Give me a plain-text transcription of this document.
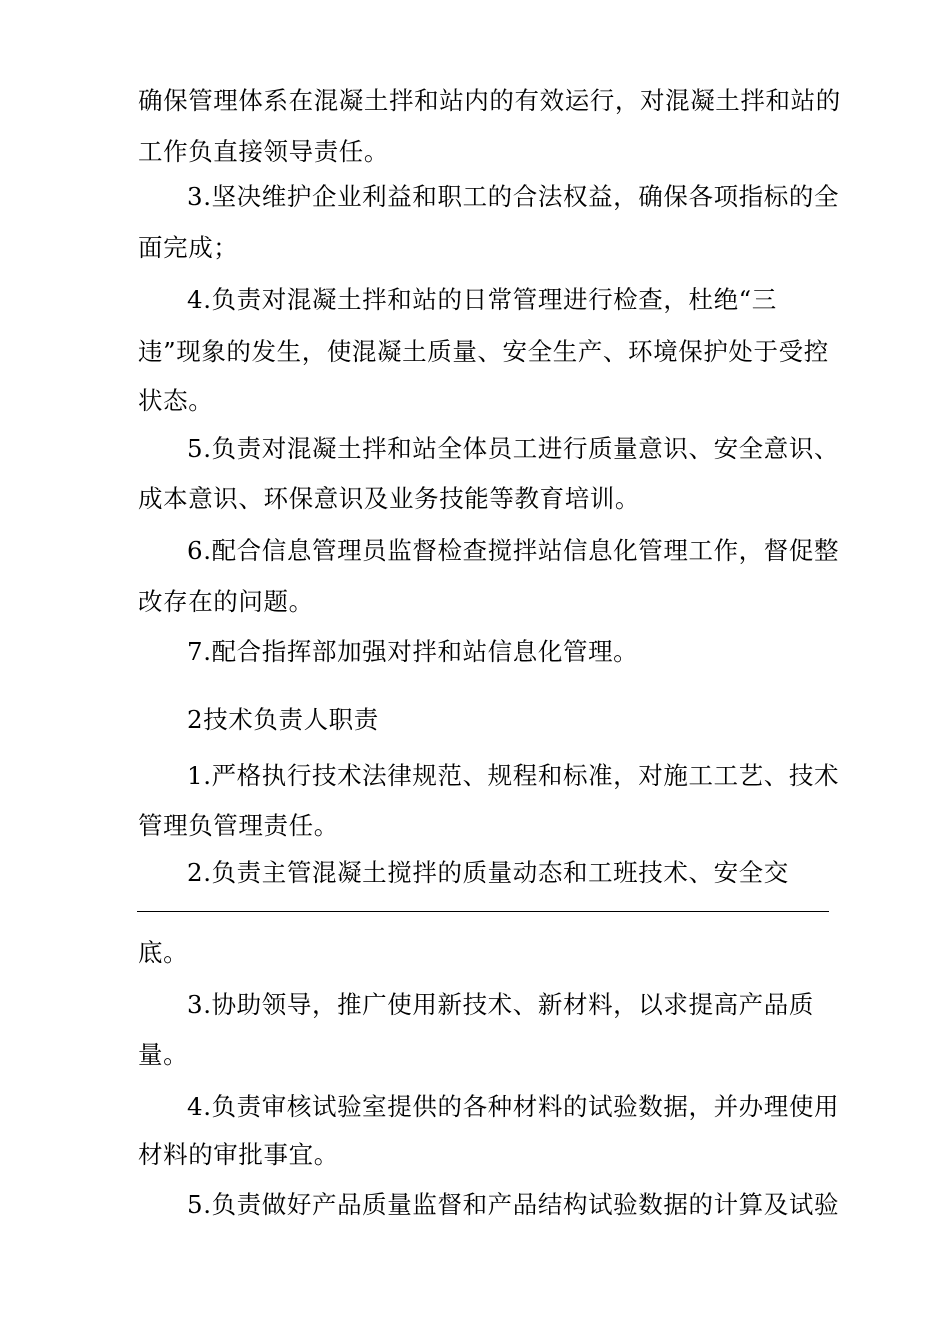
确保管理体系在混凝土拌和站内的有效运行，对混凝土拌和站的
工作负直接领导责任。
3.坚决维护企业利益和职工的合法权益，确保各项指标的全
面完成；
4.负责对混凝土拌和站的日常管理进行检查，杜绝“三
违”现象的发生，使混凝土质量、安全生产、环境保护处于受控
状态。
5.负责对混凝土拌和站全体员工进行质量意识、安全意识、
成本意识、环保意识及业务技能等教育培训。
6.配合信息管理员监督检查搅拌站信息化管理工作，督促整
改存在的问题。
7.配合指挥部加强对拌和站信息化管理。
2技术负责人职责
1.严格执行技术法律规范、规程和标准，对施工工艺、技术
管理负管理责任。
2.负责主管混凝土搅拌的质量动态和工班技术、安全交
底。
3.协助领导，推广使用新技术、新材料，以求提高产品质
量。
4.负责审核试验室提供的各种材料的试验数据，并办理使用
材料的审批事宜。
5.负责做好产品质量监督和产品结构试验数据的计算及试验
